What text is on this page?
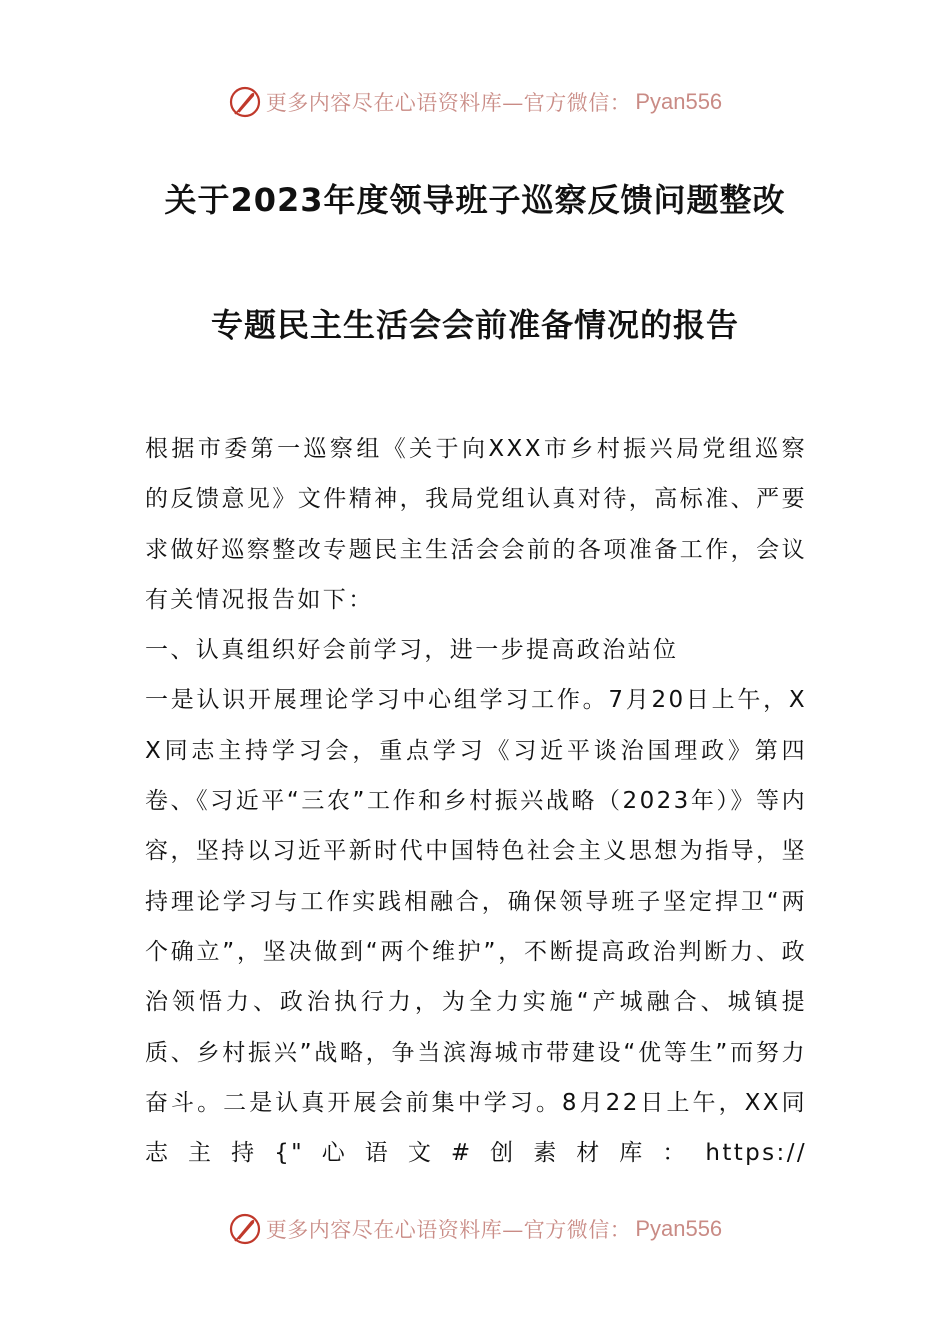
更多内容尽在心语资料库—官方微信： Pyan556
关于2023年度领导班子巡察反馈问题整改
专题民主生活会会前准备情况的报告

根据市委第一巡察组《关于向XXX市乡村振兴局党组巡察的反馈意见》文件精神，我局党组认真对待，高标准、严要求做好巡察整改专题民主生活会会前的各项准备工作，会议有关情况报告如下：

一、认真组织好会前学习，进一步提高政治站位

一是认识开展理论学习中心组学习工作。7月20日上午，XX同志主持学习会，重点学习《习近平谈治国理政》第四卷、《习近平“三农”工作和乡村振兴战略（2023年）》等内容，坚持以习近平新时代中国特色社会主义思想为指导，坚持理论学习与工作实践相融合，确保领导班子坚定捍卫“两个确立”，坚决做到“两个维护”，不断提高政治判断力、政治领悟力、政治执行力，为全力实施“产城融合、城镇提质、乡村振兴”战略，争当滨海城市带建设“优等生”而努力奋斗。二是认真开展会前集中学习。8月22日上午，XX同志主持{"心语文#创素材库：https://

更多内容尽在心语资料库—官方微信： Pyan556
